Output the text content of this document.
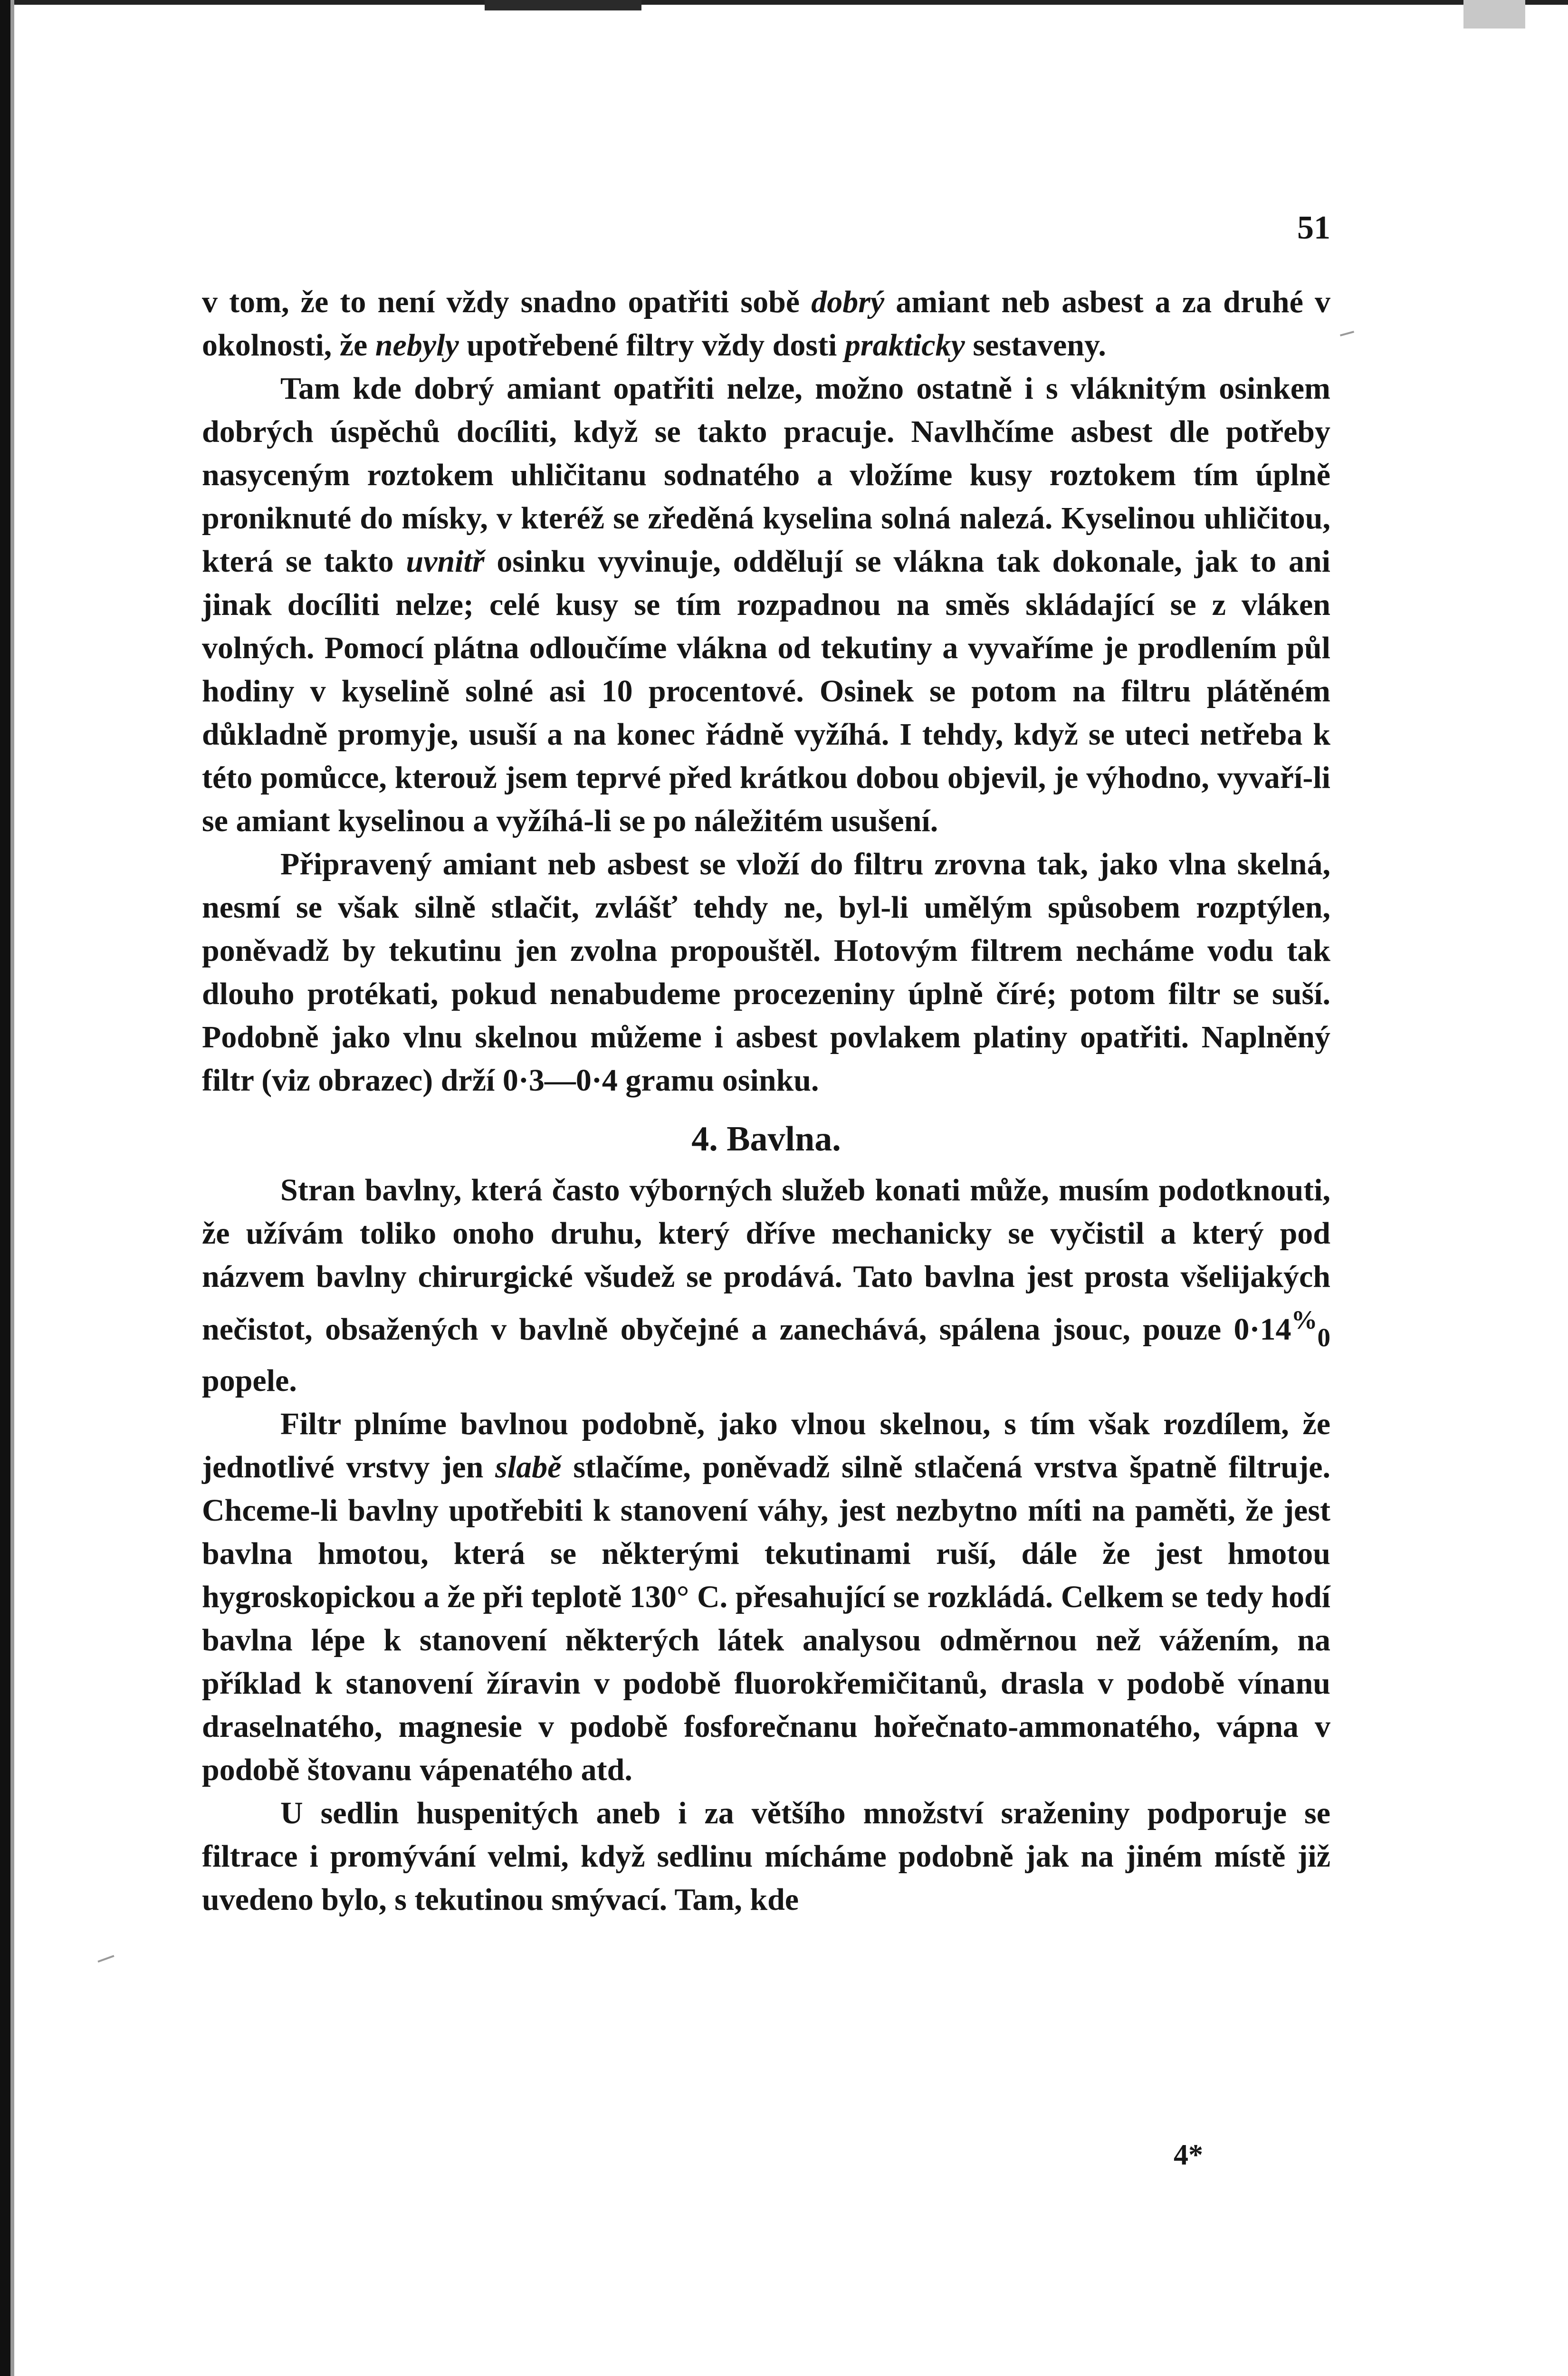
51

v tom, že to není vždy snadno opatřiti sobě dobrý amiant neb asbest a za druhé v okolnosti, že nebyly upotřebené filtry vždy dosti prakticky sestaveny.

Tam kde dobrý amiant opatřiti nelze, možno ostatně i s vláknitým osinkem dobrých úspěchů docíliti, když se takto pracuje. Navlhčíme asbest dle potřeby nasyceným roztokem uhličitanu sodnatého a vložíme kusy roztokem tím úplně proniknuté do mísky, v kteréž se zředěná kyselina solná nalezá. Kyselinou uhličitou, která se takto uvnitř osinku vyvinuje, oddělují se vlákna tak dokonale, jak to ani jinak docíliti nelze; celé kusy se tím rozpadnou na směs skládající se z vláken volných. Pomocí plátna odloučíme vlákna od tekutiny a vyvaříme je prodlením půl hodiny v kyselině solné asi 10 procentové. Osinek se potom na filtru plátěném důkladně promyje, usuší a na konec řádně vyžíhá. I tehdy, když se uteci netřeba k této pomůcce, kterouž jsem teprvé před krátkou dobou objevil, je výhodno, vyvaří-li se amiant kyselinou a vyžíhá-li se po náležitém usušení.

Připravený amiant neb asbest se vloží do filtru zrovna tak, jako vlna skelná, nesmí se však silně stlačit, zvlášť tehdy ne, byl-li umělým spůsobem rozptýlen, poněvadž by tekutinu jen zvolna propouštěl. Hotovým filtrem necháme vodu tak dlouho protékati, pokud nenabudeme procezeniny úplně číré; potom filtr se suší. Podobně jako vlnu skelnou můžeme i asbest povlakem platiny opatřiti. Naplněný filtr (viz obrazec) drží 0·3—0·4 gramu osinku.

4. Bavlna.

Stran bavlny, která často výborných služeb konati může, musím podotknouti, že užívám toliko onoho druhu, který dříve mechanicky se vyčistil a který pod názvem bavlny chirurgické všudež se prodává. Tato bavlna jest prosta všelijakých nečistot, obsažených v bavlně obyčejné a zanechává, spálena jsouc, pouze $0\cdot 14^{\%}_0$ popele.

Filtr plníme bavlnou podobně, jako vlnou skelnou, s tím však rozdílem, že jednotlivé vrstvy jen slabě stlačíme, poněvadž silně stlačená vrstva špatně filtruje. Chceme-li bavlny upotřebiti k stanovení váhy, jest nezbytno míti na paměti, že jest bavlna hmotou, která se některými tekutinami ruší, dále že jest hmotou hygroskopickou a že při teplotě 130° C. přesahující se rozkládá. Celkem se tedy hodí bavlna lépe k stanovení některých látek analysou odměrnou než vážením, na příklad k stanovení žíravin v podobě fluorokřemičitanů, drasla v podobě vínanu draselnatého, magnesie v podobě fosforečnanu hořečnato-ammonatého, vápna v podobě štovanu vápenatého atd.

U sedlin huspenitých aneb i za většího množství sraženiny podporuje se filtrace i promývání velmi, když sedlinu mícháme podobně jak na jiném místě již uvedeno bylo, s tekutinou smývací. Tam, kde

4*
